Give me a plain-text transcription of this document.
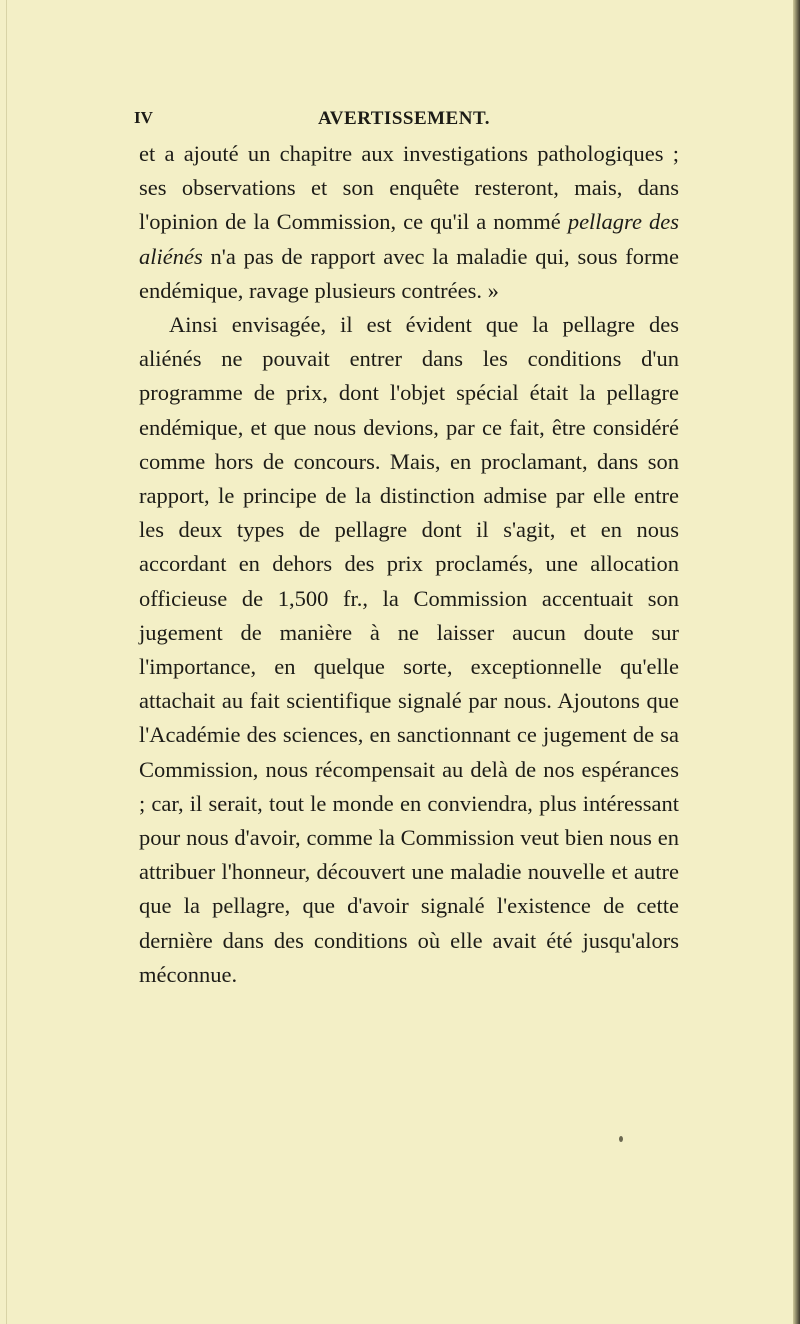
IV	AVERTISSEMENT.

et a ajouté un chapitre aux investigations pathologiques ; ses observations et son enquête resteront, mais, dans l'opinion de la Commission, ce qu'il a nommé pellagre des aliénés n'a pas de rapport avec la maladie qui, sous forme endémique, ravage plusieurs contrées. »

Ainsi envisagée, il est évident que la pellagre des aliénés ne pouvait entrer dans les conditions d'un programme de prix, dont l'objet spécial était la pellagre endémique, et que nous devions, par ce fait, être considéré comme hors de concours. Mais, en proclamant, dans son rapport, le principe de la distinction admise par elle entre les deux types de pellagre dont il s'agit, et en nous accordant en dehors des prix proclamés, une allocation officieuse de 1,500 fr., la Commission accentuait son jugement de manière à ne laisser aucun doute sur l'importance, en quelque sorte, exceptionnelle qu'elle attachait au fait scientifique signalé par nous. Ajoutons que l'Académie des sciences, en sanctionnant ce jugement de sa Commission, nous récompensait au delà de nos espérances ; car, il serait, tout le monde en conviendra, plus intéressant pour nous d'avoir, comme la Commission veut bien nous en attribuer l'honneur, découvert une maladie nouvelle et autre que la pellagre, que d'avoir signalé l'existence de cette dernière dans des conditions où elle avait été jusqu'alors méconnue.
